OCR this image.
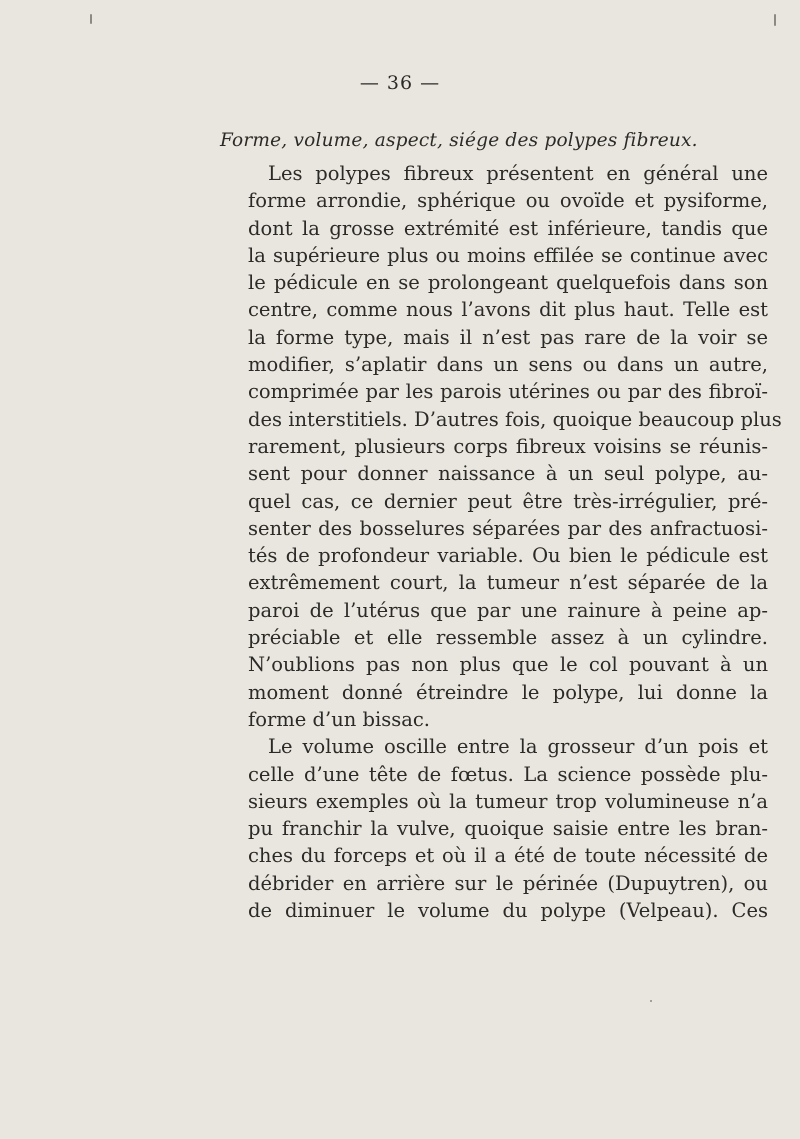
— 36 —
Forme, volume, aspect, siége des polypes fibreux.
Les polypes fibreux présentent en général une
forme arrondie, sphérique ou ovoïde et pysiforme,
dont la grosse extrémité est inférieure, tandis que
la supérieure plus ou moins effilée se continue avec
le pédicule en se prolongeant quelquefois dans son
centre, comme nous l’avons dit plus haut. Telle est
la forme type, mais il n’est pas rare de la voir se
modifier, s’aplatir dans un sens ou dans un autre,
comprimée par les parois utérines ou par des fibroï-
des interstitiels. D’autres fois, quoique beaucoup plus
rarement, plusieurs corps fibreux voisins se réunis-
sent pour donner naissance à un seul polype, au-
quel cas, ce dernier peut être très-irrégulier, pré-
senter des bosselures séparées par des anfractuosi-
tés de profondeur variable. Ou bien le pédicule est
extrêmement court, la tumeur n’est séparée de la
paroi de l’utérus que par une rainure à peine ap-
préciable et elle ressemble assez à un cylindre.
N’oublions pas non plus que le col pouvant à un
moment donné étreindre le polype, lui donne la
forme d’un bissac.
Le volume oscille entre la grosseur d’un pois et
celle d’une tête de fœtus. La science possède plu-
sieurs exemples où la tumeur trop volumineuse n’a
pu franchir la vulve, quoique saisie entre les bran-
ches du forceps et où il a été de toute nécessité de
débrider en arrière sur le périnée (Dupuytren), ou
de diminuer le volume du polype (Velpeau). Ces
